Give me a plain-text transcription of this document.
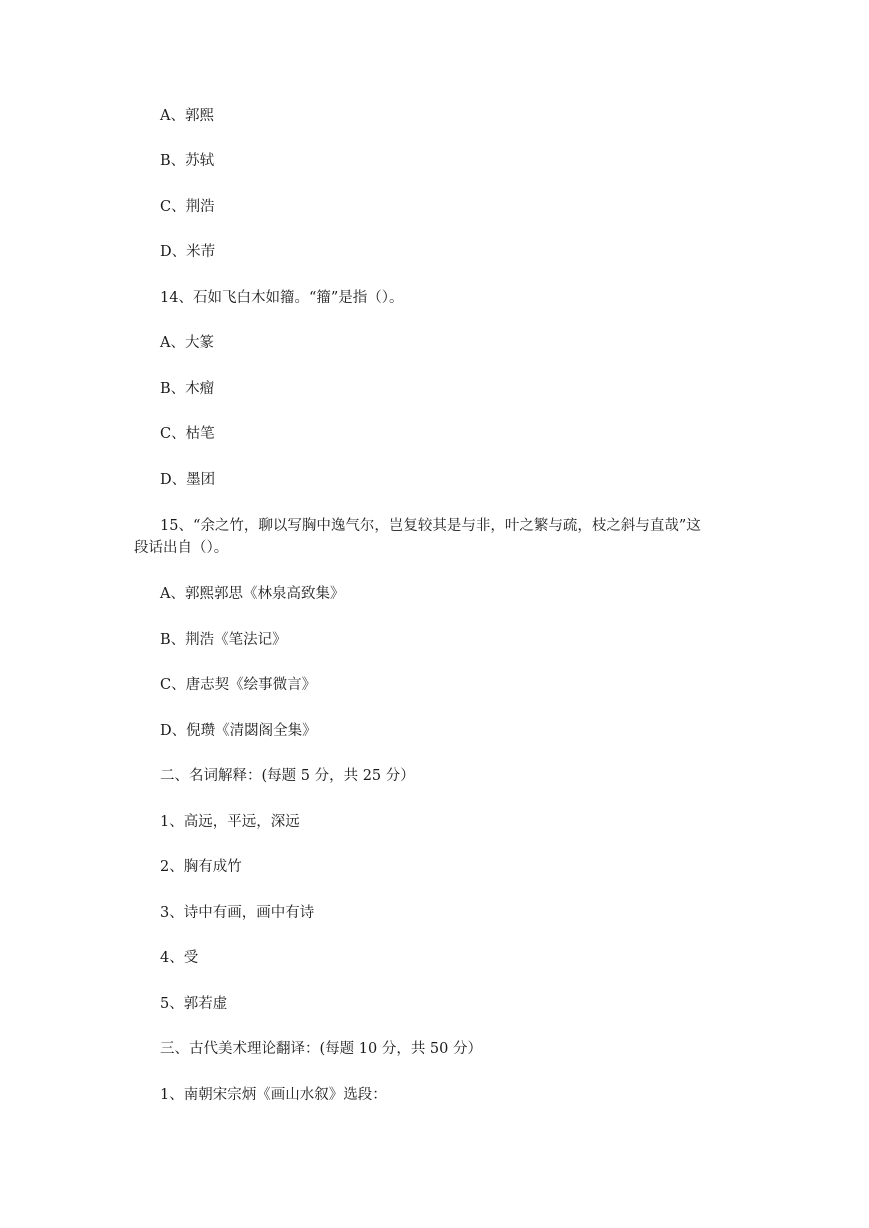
A、郭熙
B、苏轼
C、荆浩
D、米芾
14、石如飞白木如籀。“籀”是指（）。
A、大篆
B、木瘤
C、枯笔
D、墨团
15、“余之竹，聊以写胸中逸气尔，岂复较其是与非，叶之繁与疏，枝之斜与直哉”这
段话出自（）。
A、郭熙郭思《林泉高致集》
B、荆浩《笔法记》
C、唐志契《绘事微言》
D、倪瓒《清閟阁全集》
二、名词解释：(每题 5 分，共 25 分）
1、高远，平远，深远
2、胸有成竹
3、诗中有画，画中有诗
4、受
5、郭若虚
三、古代美术理论翻译：(每题 10 分，共 50 分）
1、南朝宋宗炳《画山水叙》选段：
